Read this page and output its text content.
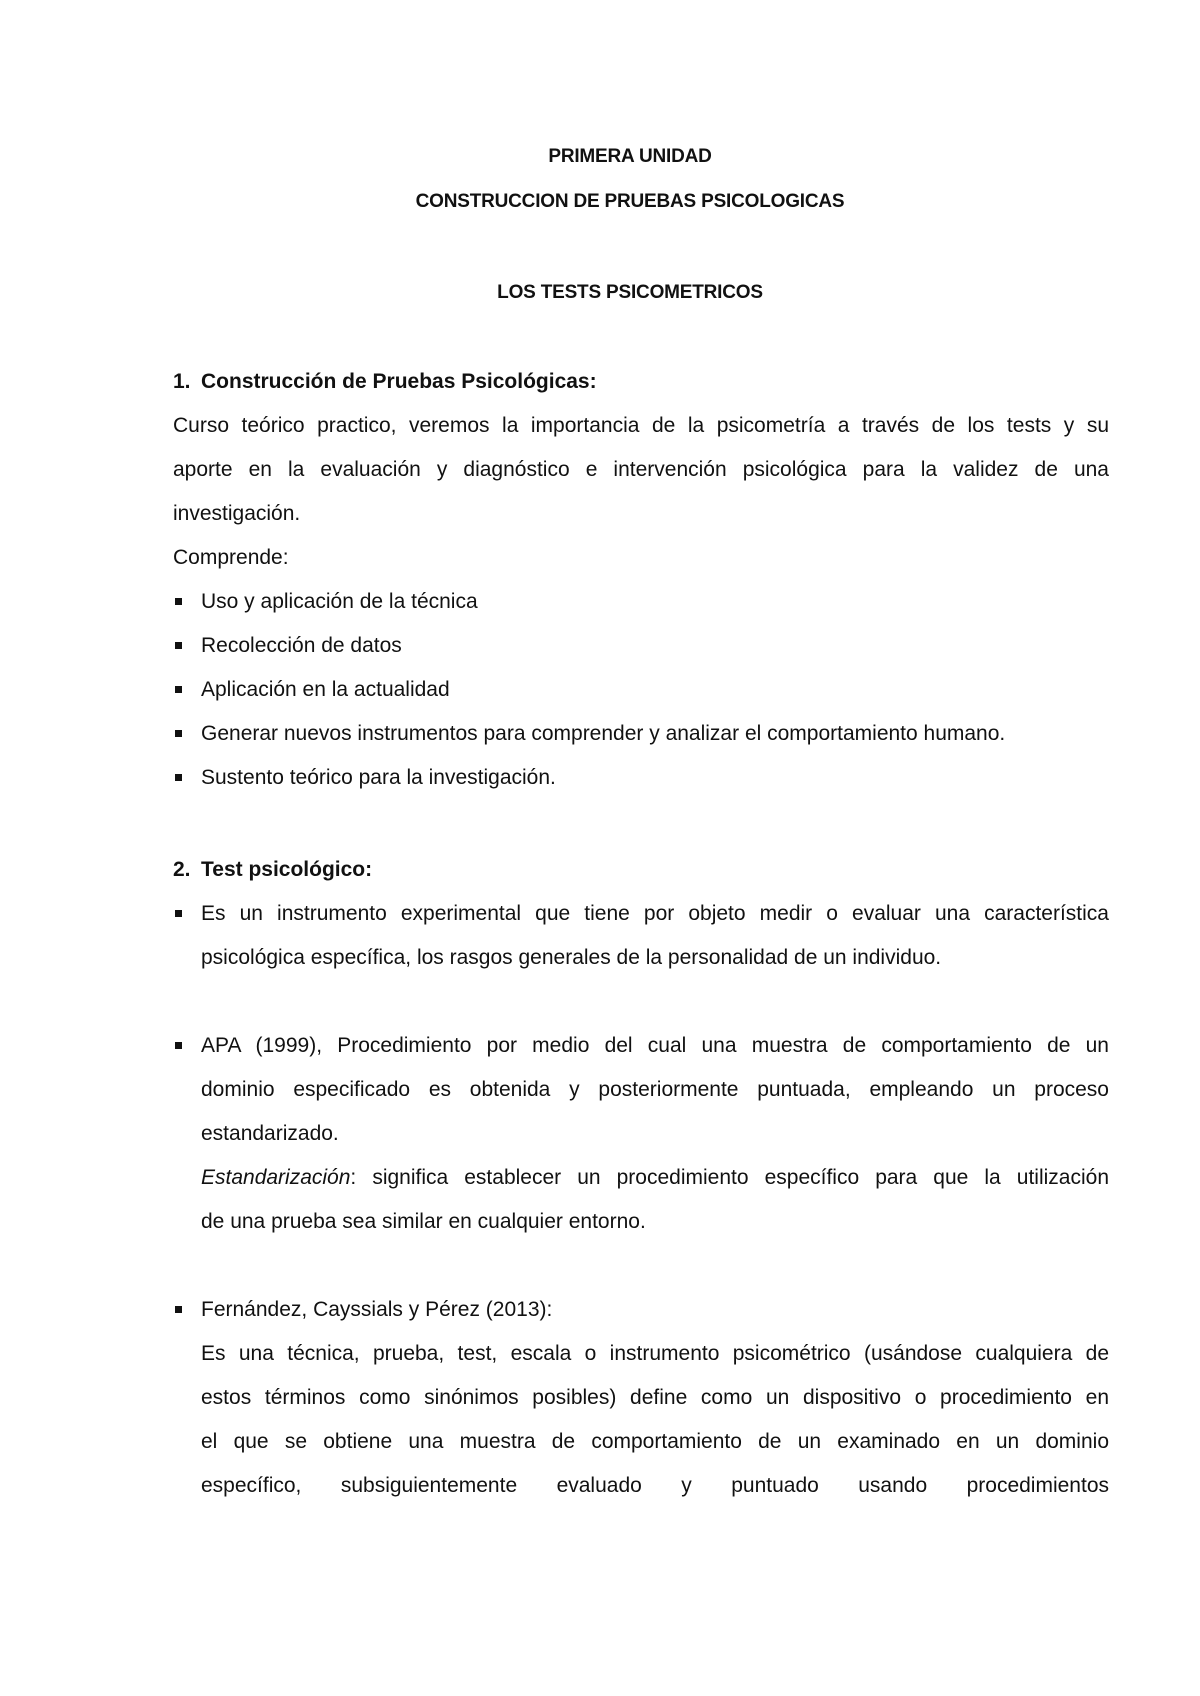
PRIMERA UNIDAD
CONSTRUCCION DE PRUEBAS PSICOLOGICAS
LOS TESTS PSICOMETRICOS
1. Construcción de Pruebas Psicológicas:
Curso teórico practico, veremos la importancia de la psicometría a través de los tests y su
aporte en la evaluación y diagnóstico e intervención psicológica para la validez de una
investigación.
Comprende:
Uso y aplicación de la técnica
Recolección de datos
Aplicación en la actualidad
Generar nuevos instrumentos para comprender y analizar el comportamiento humano.
Sustento teórico para la investigación.
2. Test psicológico:
Es un instrumento experimental que tiene por objeto medir o evaluar una característica
psicológica específica, los rasgos generales de la personalidad de un individuo.
APA (1999), Procedimiento por medio del cual una muestra de comportamiento de un
dominio especificado es obtenida y posteriormente puntuada, empleando un proceso
estandarizado.
Estandarización: significa establecer un procedimiento específico para que la utilización
de una prueba sea similar en cualquier entorno.
Fernández, Cayssials y Pérez (2013):
Es una técnica, prueba, test, escala o instrumento psicométrico (usándose cualquiera de
estos términos como sinónimos posibles) define como un dispositivo o procedimiento en
el que se obtiene una muestra de comportamiento de un examinado en un dominio
específico, subsiguientemente evaluado y puntuado usando procedimientos
